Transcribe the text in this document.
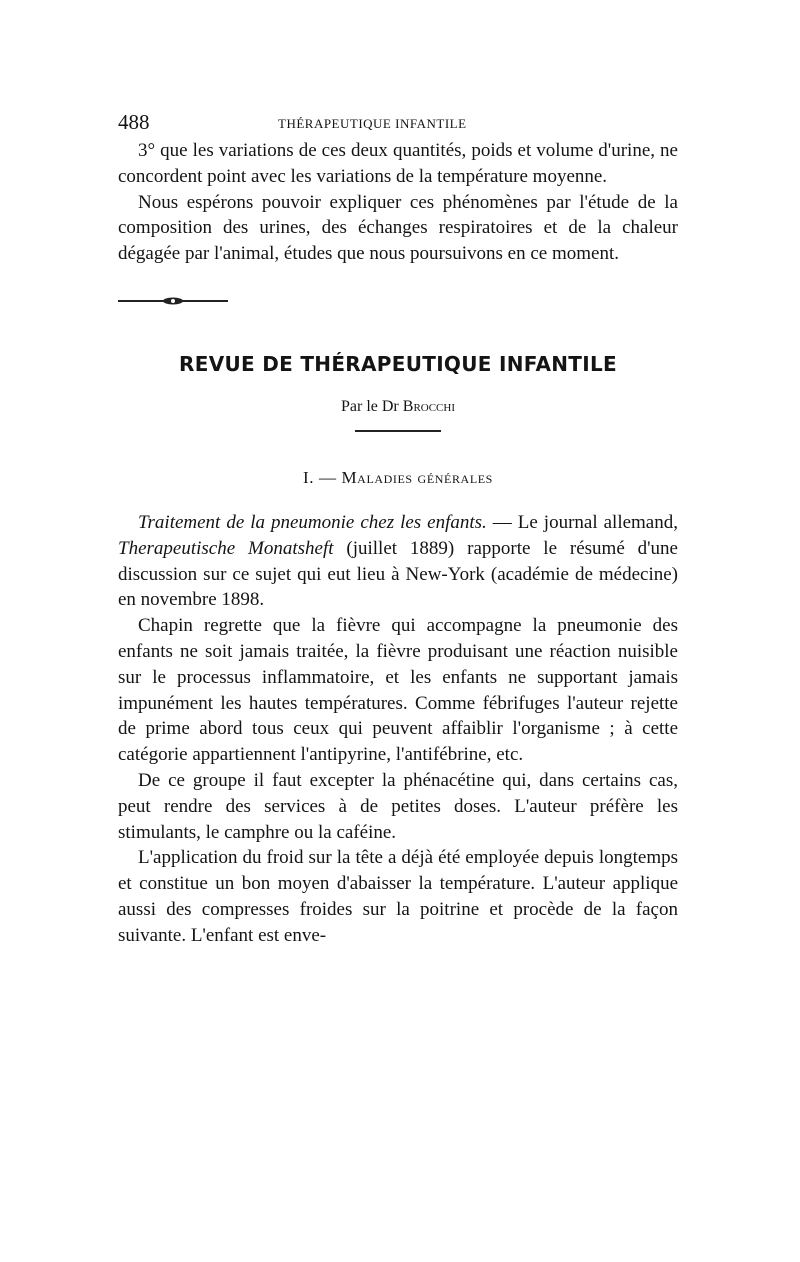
488	THÉRAPEUTIQUE INFANTILE

3° que les variations de ces deux quantités, poids et volume d'urine, ne concordent point avec les variations de la température moyenne.

Nous espérons pouvoir expliquer ces phénomènes par l'étude de la composition des urines, des échanges respiratoires et de la chaleur dégagée par l'animal, études que nous poursuivons en ce moment.

REVUE DE THÉRAPEUTIQUE INFANTILE
Par le Dr Brocchi
I. — Maladies générales

Traitement de la pneumonie chez les enfants. — Le journal allemand, Therapeutische Monatsheft (juillet 1889) rapporte le résumé d'une discussion sur ce sujet qui eut lieu à New-York (académie de médecine) en novembre 1898.

Chapin regrette que la fièvre qui accompagne la pneumonie des enfants ne soit jamais traitée, la fièvre produisant une réaction nuisible sur le processus inflammatoire, et les enfants ne supportant jamais impunément les hautes températures. Comme fébrifuges l'auteur rejette de prime abord tous ceux qui peuvent affaiblir l'organisme ; à cette catégorie appartiennent l'antipyrine, l'antifébrine, etc.

De ce groupe il faut excepter la phénacétine qui, dans certains cas, peut rendre des services à de petites doses. L'auteur préfère les stimulants, le camphre ou la caféine.

L'application du froid sur la tête a déjà été employée depuis longtemps et constitue un bon moyen d'abaisser la température. L'auteur applique aussi des compresses froides sur la poitrine et procède de la façon suivante. L'enfant est enve-
